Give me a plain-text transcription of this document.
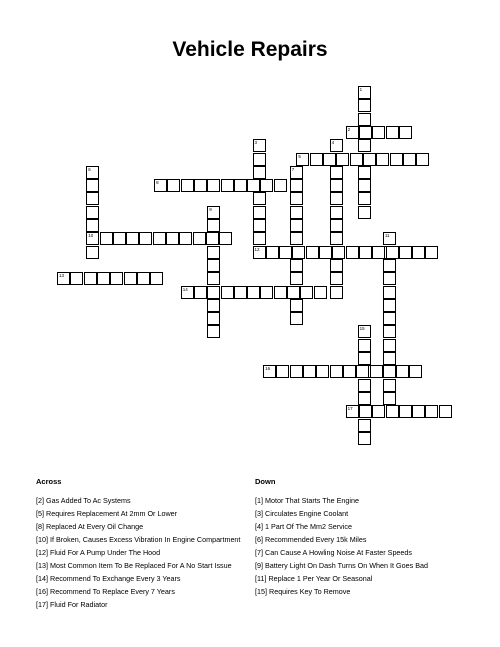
Vehicle Repairs
1
2
3
12
4
5
6
10
7
8
9
11
13
14
15
16
17
Across
[2] Gas Added To Ac Systems
[5] Requires Replacement At 2mm Or Lower
[8] Replaced At Every Oil Change
[10] If Broken, Causes Excess Vibration In Engine Compartment
[12] Fluid For A Pump Under The Hood
[13] Most Common Item To Be Replaced For A No Start Issue
[14] Recommend To Exchange Every 3 Years
[16] Recommend To Replace Every 7 Years
[17] Fluid For Radiator
Down
[1] Motor That Starts The Engine
[3] Circulates Engine Coolant
[4] 1 Part Of The Mm2 Service
[6] Recommended Every 15k Miles
[7] Can Cause A Howling Noise At Faster Speeds
[9] Battery Light On Dash Turns On When It Goes Bad
[11] Replace 1 Per Year Or Seasonal
[15] Requires Key To Remove
